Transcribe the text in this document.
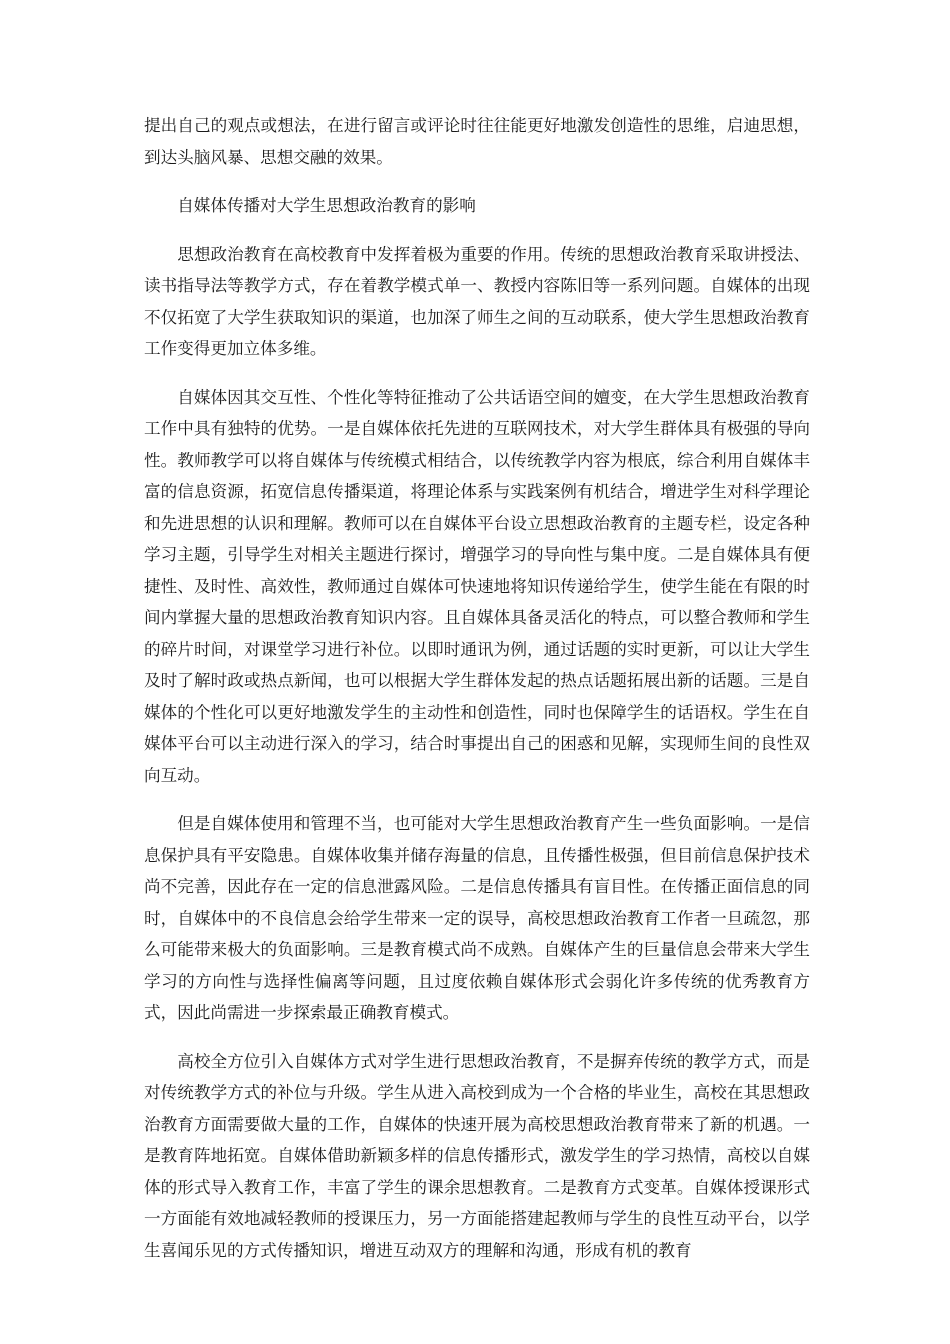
提出自己的观点或想法，在进行留言或评论时往往能更好地激发创造性的思维，启迪思想，到达头脑风暴、思想交融的效果。

自媒体传播对大学生思想政治教育的影响

思想政治教育在高校教育中发挥着极为重要的作用。传统的思想政治教育采取讲授法、读书指导法等教学方式，存在着教学模式单一、教授内容陈旧等一系列问题。自媒体的出现不仅拓宽了大学生获取知识的渠道，也加深了师生之间的互动联系，使大学生思想政治教育工作变得更加立体多维。

自媒体因其交互性、个性化等特征推动了公共话语空间的嬗变，在大学生思想政治教育工作中具有独特的优势。一是自媒体依托先进的互联网技术，对大学生群体具有极强的导向性。教师教学可以将自媒体与传统模式相结合，以传统教学内容为根底，综合利用自媒体丰富的信息资源，拓宽信息传播渠道，将理论体系与实践案例有机结合，增进学生对科学理论和先进思想的认识和理解。教师可以在自媒体平台设立思想政治教育的主题专栏，设定各种学习主题，引导学生对相关主题进行探讨，增强学习的导向性与集中度。二是自媒体具有便捷性、及时性、高效性，教师通过自媒体可快速地将知识传递给学生，使学生能在有限的时间内掌握大量的思想政治教育知识内容。且自媒体具备灵活化的特点，可以整合教师和学生的碎片时间，对课堂学习进行补位。以即时通讯为例，通过话题的实时更新，可以让大学生及时了解时政或热点新闻，也可以根据大学生群体发起的热点话题拓展出新的话题。三是自媒体的个性化可以更好地激发学生的主动性和创造性，同时也保障学生的话语权。学生在自媒体平台可以主动进行深入的学习，结合时事提出自己的困惑和见解，实现师生间的良性双向互动。

但是自媒体使用和管理不当，也可能对大学生思想政治教育产生一些负面影响。一是信息保护具有平安隐患。自媒体收集并储存海量的信息，且传播性极强，但目前信息保护技术尚不完善，因此存在一定的信息泄露风险。二是信息传播具有盲目性。在传播正面信息的同时，自媒体中的不良信息会给学生带来一定的误导，高校思想政治教育工作者一旦疏忽，那么可能带来极大的负面影响。三是教育模式尚不成熟。自媒体产生的巨量信息会带来大学生学习的方向性与选择性偏离等问题，且过度依赖自媒体形式会弱化许多传统的优秀教育方式，因此尚需进一步探索最正确教育模式。

高校全方位引入自媒体方式对学生进行思想政治教育，不是摒弃传统的教学方式，而是对传统教学方式的补位与升级。学生从进入高校到成为一个合格的毕业生，高校在其思想政治教育方面需要做大量的工作，自媒体的快速开展为高校思想政治教育带来了新的机遇。一是教育阵地拓宽。自媒体借助新颖多样的信息传播形式，激发学生的学习热情，高校以自媒体的形式导入教育工作，丰富了学生的课余思想教育。二是教育方式变革。自媒体授课形式一方面能有效地减轻教师的授课压力，另一方面能搭建起教师与学生的良性互动平台，以学生喜闻乐见的方式传播知识，增进互动双方的理解和沟通，形成有机的教育
